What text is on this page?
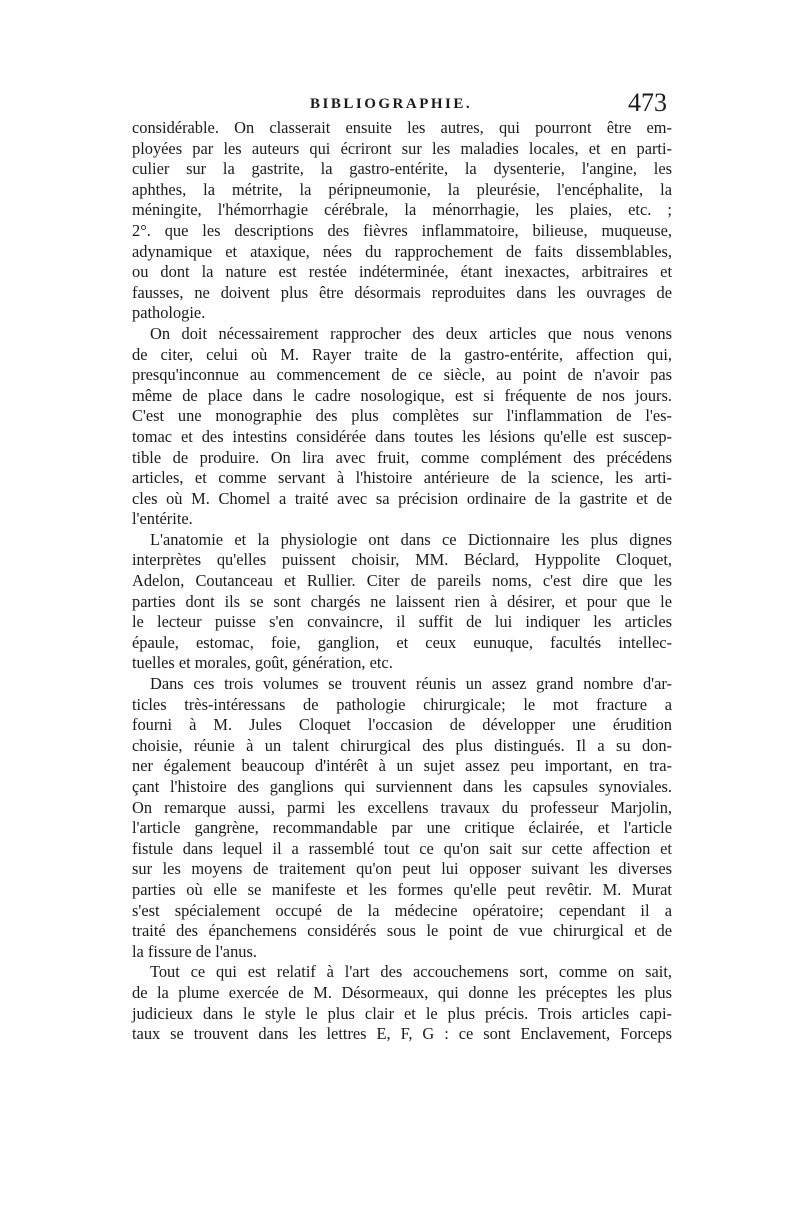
BIBLIOGRAPHIE.	473
considérable. On classerait ensuite les autres, qui pourront être em-
ployées par les auteurs qui écriront sur les maladies locales, et en parti-
culier sur la gastrite, la gastro-entérite, la dysenterie, l'angine, les
aphthes, la métrite, la péripneumonie, la pleurésie, l'encéphalite, la
méningite, l'hémorrhagie cérébrale, la ménorrhagie, les plaies, etc. ;
2°. que les descriptions des fièvres inflammatoire, bilieuse, muqueuse,
adynamique et ataxique, nées du rapprochement de faits dissemblables,
ou dont la nature est restée indéterminée, étant inexactes, arbitraires et
fausses, ne doivent plus être désormais reproduites dans les ouvrages de
pathologie.
On doit nécessairement rapprocher des deux articles que nous venons
de citer, celui où M. Rayer traite de la gastro-entérite, affection qui,
presqu'inconnue au commencement de ce siècle, au point de n'avoir pas
même de place dans le cadre nosologique, est si fréquente de nos jours.
C'est une monographie des plus complètes sur l'inflammation de l'es-
tomac et des intestins considérée dans toutes les lésions qu'elle est suscep-
tible de produire. On lira avec fruit, comme complément des précédens
articles, et comme servant à l'histoire antérieure de la science, les arti-
cles où M. Chomel a traité avec sa précision ordinaire de la gastrite et de
l'entérite.
L'anatomie et la physiologie ont dans ce Dictionnaire les plus dignes
interprètes qu'elles puissent choisir, MM. Béclard, Hyppolite Cloquet,
Adelon, Coutanceau et Rullier. Citer de pareils noms, c'est dire que les
parties dont ils se sont chargés ne laissent rien à désirer, et pour que le
le lecteur puisse s'en convaincre, il suffit de lui indiquer les articles
épaule, estomac, foie, ganglion, et ceux eunuque, facultés intellec-
tuelles et morales, goût, génération, etc.
Dans ces trois volumes se trouvent réunis un assez grand nombre d'ar-
ticles très-intéressans de pathologie chirurgicale; le mot fracture a
fourni à M. Jules Cloquet l'occasion de développer une érudition
choisie, réunie à un talent chirurgical des plus distingués. Il a su don-
ner également beaucoup d'intérêt à un sujet assez peu important, en tra-
çant l'histoire des ganglions qui surviennent dans les capsules synoviales.
On remarque aussi, parmi les excellens travaux du professeur Marjolin,
l'article gangrène, recommandable par une critique éclairée, et l'article
fistule dans lequel il a rassemblé tout ce qu'on sait sur cette affection et
sur les moyens de traitement qu'on peut lui opposer suivant les diverses
parties où elle se manifeste et les formes qu'elle peut revêtir. M. Murat
s'est spécialement occupé de la médecine opératoire; cependant il a
traité des épanchemens considérés sous le point de vue chirurgical et de
la fissure de l'anus.
Tout ce qui est relatif à l'art des accouchemens sort, comme on sait,
de la plume exercée de M. Désormeaux, qui donne les préceptes les plus
judicieux dans le style le plus clair et le plus précis. Trois articles capi-
taux se trouvent dans les lettres E, F, G : ce sont Enclavement, Forceps
